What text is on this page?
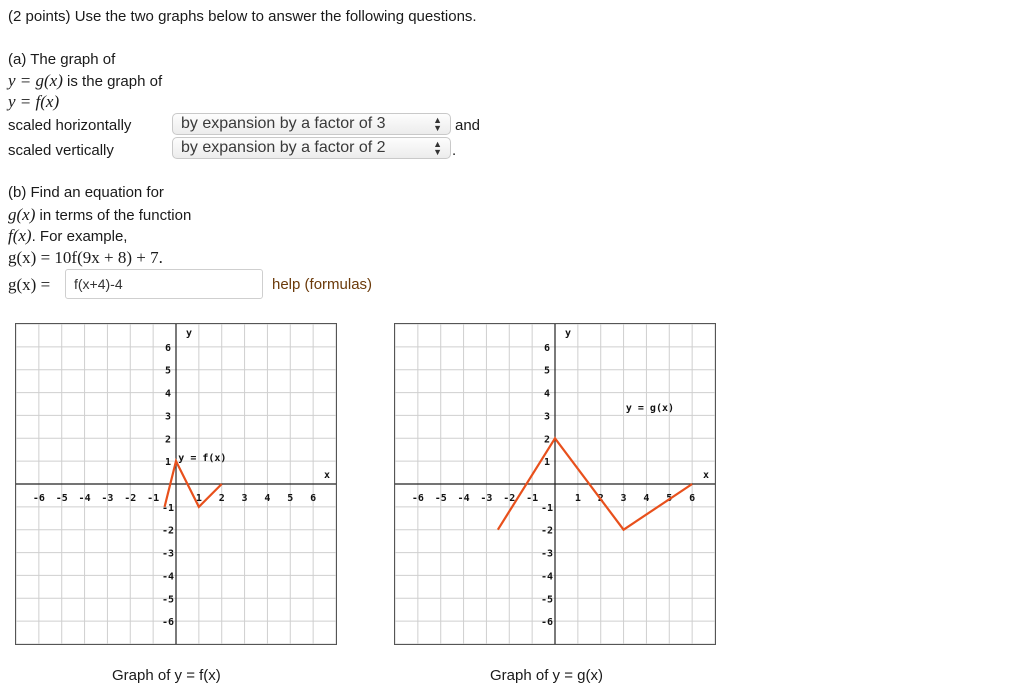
(2 points) Use the two graphs below to answer the following questions.
(a) The graph of
y = g(x) is the graph of
y = f(x)
scaled horizontally	by expansion by a factor of 3	▲
▼ and
scaled vertically	by expansion by a factor of 2	▲
▼ .
(b) Find an equation for
g(x) in terms of the function
f(x). For example,
g(x) = 10f(9x + 8) + 7.
g(x) =
f(x+4)-4	help (formulas)
-6 -5 -4 -3 -2 -1	1 2 3 4 5 6
6
5
4
3
2
1
-1
-2
-3
-4
-5
-6
y
x
y = f(x)
Graph of y = f(x)
-6 -5 -4 -3 -2 -1	1 2 3 4 5 6
6
5
4
3
2
1
-1
-2
-3
-4
-5
-6
y
x
y = g(x)
Graph of y = g(x)
